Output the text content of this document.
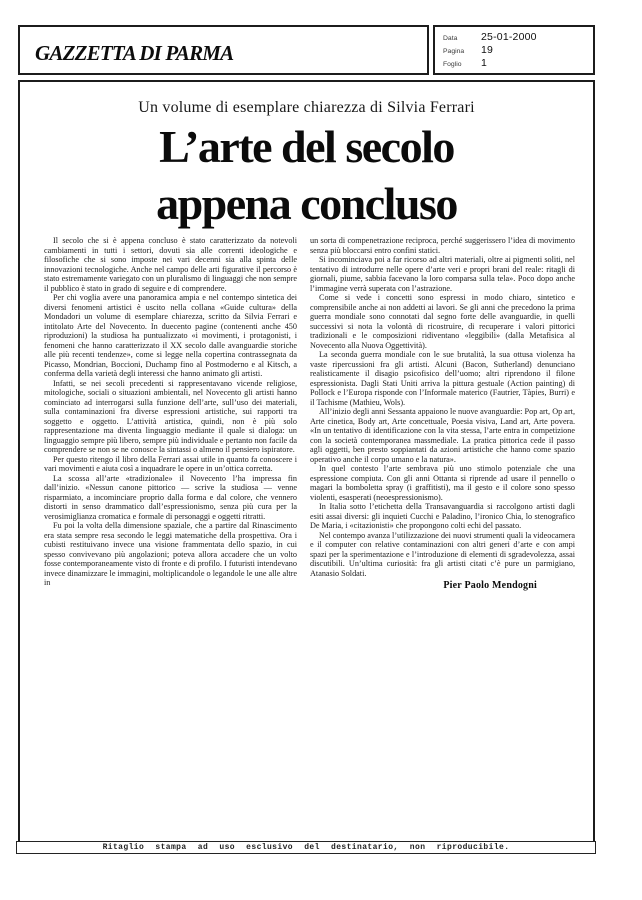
GAZZETTA DI PARMA
Data	25-01-2000
Pagina	19
Foglio	1
Un volume di esemplare chiarezza di Silvia Ferrari
L’arte del secolo
appena concluso

Il secolo che si è appena concluso è stato caratterizzato da notevoli cambiamenti in tutti i settori, dovuti sia alle correnti ideologiche e filosofiche che si sono imposte nei vari decenni sia alla spinta delle innovazioni tecnologiche. Anche nel campo delle arti figurative il percorso è stato estremamente variegato con un pluralismo di linguaggi che non sempre il pubblico è stato in grado di seguire e di comprendere.

Per chi voglia avere una panoramica ampia e nel contempo sintetica dei diversi fenomeni artistici è uscito nella collana «Guide cultura» della Mondadori un volume di esemplare chiarezza, scritto da Silvia Ferrari e intitolato Arte del Novecento. In duecento pagine (contenenti anche 450 riproduzioni) la studiosa ha puntualizzato «i movimenti, i protagonisti, i fenomeni che hanno caratterizzato il XX secolo dalle avanguardie storiche alle più recenti tendenze», come si legge nella copertina contrassegnata da Picasso, Mondrian, Boccioni, Duchamp fino al Postmoderno e al Kitsch, a conferma della varietà degli interessi che hanno animato gli artisti.

Infatti, se nei secoli precedenti si rappresentavano vicende religiose, mitologiche, sociali o situazioni ambientali, nel Novecento gli artisti hanno cominciato ad interrogarsi sulla funzione dell’arte, sull’uso dei materiali, sulla contaminazioni fra diverse espressioni artistiche, sui rapporti tra soggetto e oggetto. L’attività artistica, quindi, non è più solo rappresentazione ma diventa linguaggio mediante il quale si dialoga: un linguaggio sempre più libero, sempre più individuale e pertanto non facile da comprendere se non se ne conosce la sintassi o almeno il pensiero ispiratore.

Per questo ritengo il libro della Ferrari assai utile in quanto fa conoscere i vari movimenti e aiuta così a inquadrare le opere in un’ottica corretta.

La scossa all’arte «tradizionale» il Novecento l’ha impressa fin dall’inizio. «Nessun canone pittorico — scrive la studiosa — venne risparmiato, a incominciare proprio dalla forma e dal colore, che vennero distorti in senso drammatico dall’espressionismo, senza più cura per la verosimiglianza cromatica e formale di personaggi e oggetti ritratti.

Fu poi la volta della dimensione spaziale, che a partire dal Rinascimento era stata sempre resa secondo le leggi matematiche della prospettiva. Ora i cubisti restituivano invece una visione frammentata dello spazio, in cui spesso convivevano più angolazioni; poteva allora accadere che un volto fosse contemporaneamente visto di fronte e di profilo. I futuristi intendevano invece dinamizzare le immagini, moltiplicandole o legandole le une alle altre in

un sorta di compenetrazione reciproca, perché suggerissero l’idea di movimento senza più bloccarsi entro confini statici.

Si incominciava poi a far ricorso ad altri materiali, oltre ai pigmenti soliti, nel tentativo di introdurre nelle opere d’arte veri e propri brani del reale: ritagli di giornali, piume, sabbia facevano la loro comparsa sulla tela». Poco dopo anche l’immagine verrà superata con l’astrazione.

Come si vede i concetti sono espressi in modo chiaro, sintetico e comprensibile anche ai non addetti ai lavori. Se gli anni che precedono la prima guerra mondiale sono connotati dal segno forte delle avanguardie, in quelli successivi si nota la volontà di ricostruire, di recuperare i valori pittorici tradizionali e le composizioni ridiventano «leggibili» (dalla Metafisica al Novecento alla Nuova Oggettività).

La seconda guerra mondiale con le sue brutalità, la sua ottusa violenza ha vaste ripercussioni fra gli artisti. Alcuni (Bacon, Sutherland) denunciano realisticamente il disagio psicofisico dell’uomo; altri riprendono il filone espressionista. Dagli Stati Uniti arriva la pittura gestuale (Action painting) di Pollock e l’Europa risponde con l’Informale materico (Fautrier, Tàpies, Burri) e il Tachisme (Mathieu, Wols).

All’inizio degli anni Sessanta appaiono le nuove avanguardie: Pop art, Op art, Arte cinetica, Body art, Arte concettuale, Poesia visiva, Land art, Arte povera. «In un tentativo di identificazione con la vita stessa, l’arte entra in competizione con la società contemporanea massmediale. La pratica pittorica cede il passo agli oggetti, ben presto soppiantati da azioni artistiche che hanno come spazio operativo anche il corpo umano e la natura».

In quel contesto l’arte sembrava più uno stimolo potenziale che una espressione compiuta. Con gli anni Ottanta si riprende ad usare il pennello o magari la bomboletta spray (i graffitisti), ma il gesto e il colore sono spesso violenti, esasperati (neoespressionismo).

In Italia sotto l’etichetta della Transavanguardia si raccolgono artisti dagli esiti assai diversi: gli inquieti Cucchi e Paladino, l’ironico Chia, lo stenografico De Maria, i «citazionisti» che propongono colti echi del passato.

Nel contempo avanza l’utilizzazione dei nuovi strumenti quali la videocamera e il computer con relative contaminazioni con altri generi d’arte e con ampi spazi per la sperimentazione e l’introduzione di elementi di sgradevolezza, assai discutibili. Un’ultima curiosità: fra gli artisti citati c’è pure un parmigiano, Atanasio Soldati.

Pier Paolo Mendogni
Ritaglio stampa ad uso esclusivo del destinatario, non riproducibile.
